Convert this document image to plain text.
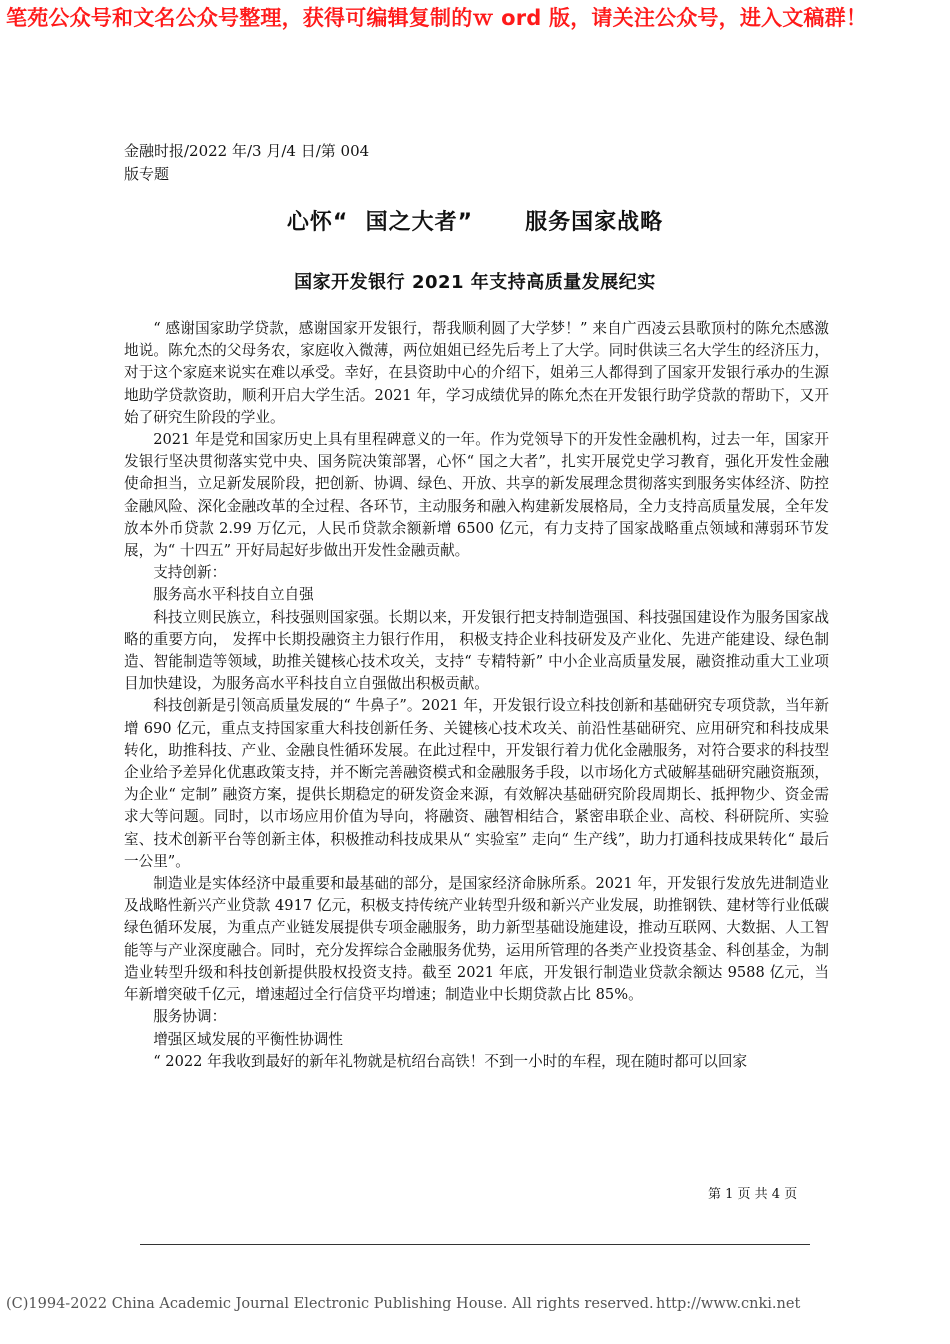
笔苑公众号和文名公众号整理，获得可编辑复制的ｗ ord 版，请关注公众号，进入文稿群！
金融时报/2022 年/3 月/4 日/第 004
版专题
心怀“  国之大者”      服务国家战略
国家开发银行 2021 年支持高质量发展纪实

“ 感谢国家助学贷款，感谢国家开发银行，帮我顺利圆了大学梦！” 来自广西凌云县歌顶村的陈允杰感激地说。陈允杰的父母务农，家庭收入微薄，两位姐姐已经先后考上了大学。同时供读三名大学生的经济压力，对于这个家庭来说实在难以承受。幸好，在县资助中心的介绍下，姐弟三人都得到了国家开发银行承办的生源地助学贷款资助，顺利开启大学生活。2021 年，学习成绩优异的陈允杰在开发银行助学贷款的帮助下，又开始了研究生阶段的学业。

2021 年是党和国家历史上具有里程碑意义的一年。作为党领导下的开发性金融机构，过去一年，国家开发银行坚决贯彻落实党中央、国务院决策部署，心怀“ 国之大者”，扎实开展党史学习教育，强化开发性金融使命担当，立足新发展阶段，把创新、协调、绿色、开放、共享的新发展理念贯彻落实到服务实体经济、防控金融风险、深化金融改革的全过程、各环节，主动服务和融入构建新发展格局，全力支持高质量发展，全年发放本外币贷款 2.99 万亿元，人民币贷款余额新增 6500 亿元，有力支持了国家战略重点领域和薄弱环节发展，为“ 十四五” 开好局起好步做出开发性金融贡献。

支持创新：

服务高水平科技自立自强

科技立则民族立，科技强则国家强。长期以来，开发银行把支持制造强国、科技强国建设作为服务国家战略的重要方向， 发挥中长期投融资主力银行作用， 积极支持企业科技研发及产业化、先进产能建设、绿色制造、智能制造等领域，助推关键核心技术攻关，支持“ 专精特新” 中小企业高质量发展，融资推动重大工业项目加快建设，为服务高水平科技自立自强做出积极贡献。

科技创新是引领高质量发展的“ 牛鼻子”。2021 年，开发银行设立科技创新和基础研究专项贷款，当年新增 690 亿元，重点支持国家重大科技创新任务、关键核心技术攻关、前沿性基础研究、应用研究和科技成果转化，助推科技、产业、金融良性循环发展。在此过程中，开发银行着力优化金融服务，对符合要求的科技型企业给予差异化优惠政策支持，并不断完善融资模式和金融服务手段，以市场化方式破解基础研究融资瓶颈，为企业“ 定制” 融资方案，提供长期稳定的研发资金来源，有效解决基础研究阶段周期长、抵押物少、资金需求大等问题。同时，以市场应用价值为导向，将融资、融智相结合，紧密串联企业、高校、科研院所、实验室、技术创新平台等创新主体，积极推动科技成果从“ 实验室” 走向“ 生产线”，助力打通科技成果转化“ 最后一公里”。

制造业是实体经济中最重要和最基础的部分，是国家经济命脉所系。2021 年，开发银行发放先进制造业及战略性新兴产业贷款 4917 亿元，积极支持传统产业转型升级和新兴产业发展，助推钢铁、建材等行业低碳绿色循环发展，为重点产业链发展提供专项金融服务，助力新型基础设施建设，推动互联网、大数据、人工智能等与产业深度融合。同时，充分发挥综合金融服务优势，运用所管理的各类产业投资基金、科创基金，为制造业转型升级和科技创新提供股权投资支持。截至 2021 年底，开发银行制造业贷款余额达 9588 亿元，当年新增突破千亿元，增速超过全行信贷平均增速；制造业中长期贷款占比 85%。

服务协调：

增强区域发展的平衡性协调性

“ 2022 年我收到最好的新年礼物就是杭绍台高铁！不到一小时的车程，现在随时都可以回家

第 1 页 共 4 页
(C)1994-2022 China Academic Journal Electronic Publishing House. All rights reserved. http://www.cnki.net
